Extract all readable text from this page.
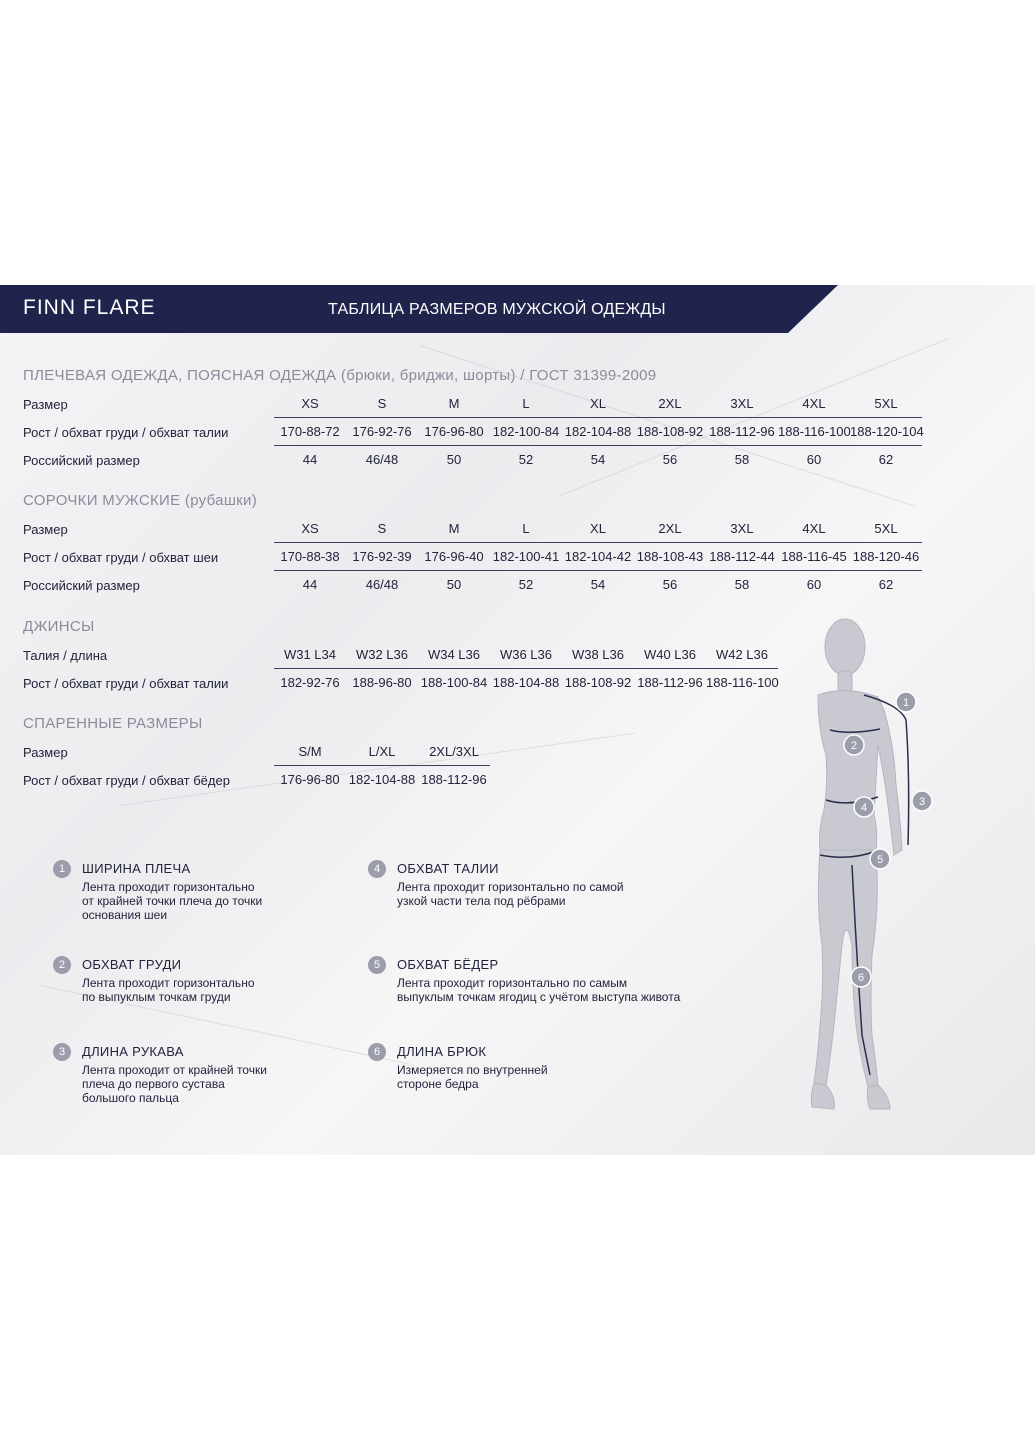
FINN FLARE	ТАБЛИЦА РАЗМЕРОВ МУЖСКОЙ ОДЕЖДЫ
ПЛЕЧЕВАЯ ОДЕЖДА, ПОЯСНАЯ ОДЕЖДА (брюки, бриджи, шорты) / ГОСТ 31399-2009
Размер	XS	S	M	L	XL	2XL	3XL	4XL	5XL
Рост / обхват груди / обхват талии	170-88-72 176-92-76 176-96-80 182-100-84 182-104-88 188-108-92 188-112-96 188-116-100 188-120-104
Российский размер	44	46/48	50	52	54	56	58	60	62
СОРОЧКИ МУЖСКИЕ (рубашки)
Размер	XS	S	M	L	XL	2XL	3XL	4XL	5XL
Рост / обхват груди / обхват шеи	170-88-38 176-92-39 176-96-40 182-100-41 182-104-42 188-108-43 188-112-44 188-116-45 188-120-46
Российский размер	44	46/48	50	52	54	56	58	60	62
ДЖИНСЫ
Талия / длина	W31 L34	W32 L36	W34 L36	W36 L36	W38 L36	W40 L36	W42 L36
Рост / обхват груди / обхват талии	182-92-76 188-96-80 188-100-84 188-104-88 188-108-92 188-112-96 188-116-100
СПАРЕННЫЕ РАЗМЕРЫ
Размер	S/M	L/XL	2XL/3XL
Рост / обхват груди / обхват бёдер	176-96-80 182-104-88 188-112-96
1	ШИРИНА ПЛЕЧА
Лента проходит горизонтально
от крайней точки плеча до точки
основания шеи
2	ОБХВАТ ГРУДИ
Лента проходит горизонтально
по выпуклым точкам груди
3	ДЛИНА РУКАВА
Лента проходит от крайней точки
плеча до первого сустава
большого пальца
4	ОБХВАТ ТАЛИИ
Лента проходит горизонтально по самой
узкой части тела под рёбрами
5	ОБХВАТ БЁДЕР
Лента проходит горизонтально по самым
выпуклым точкам ягодиц с учётом выступа живота
6	ДЛИНА БРЮК
Измеряется по внутренней
стороне бедра
1
2
3
4
5
6
